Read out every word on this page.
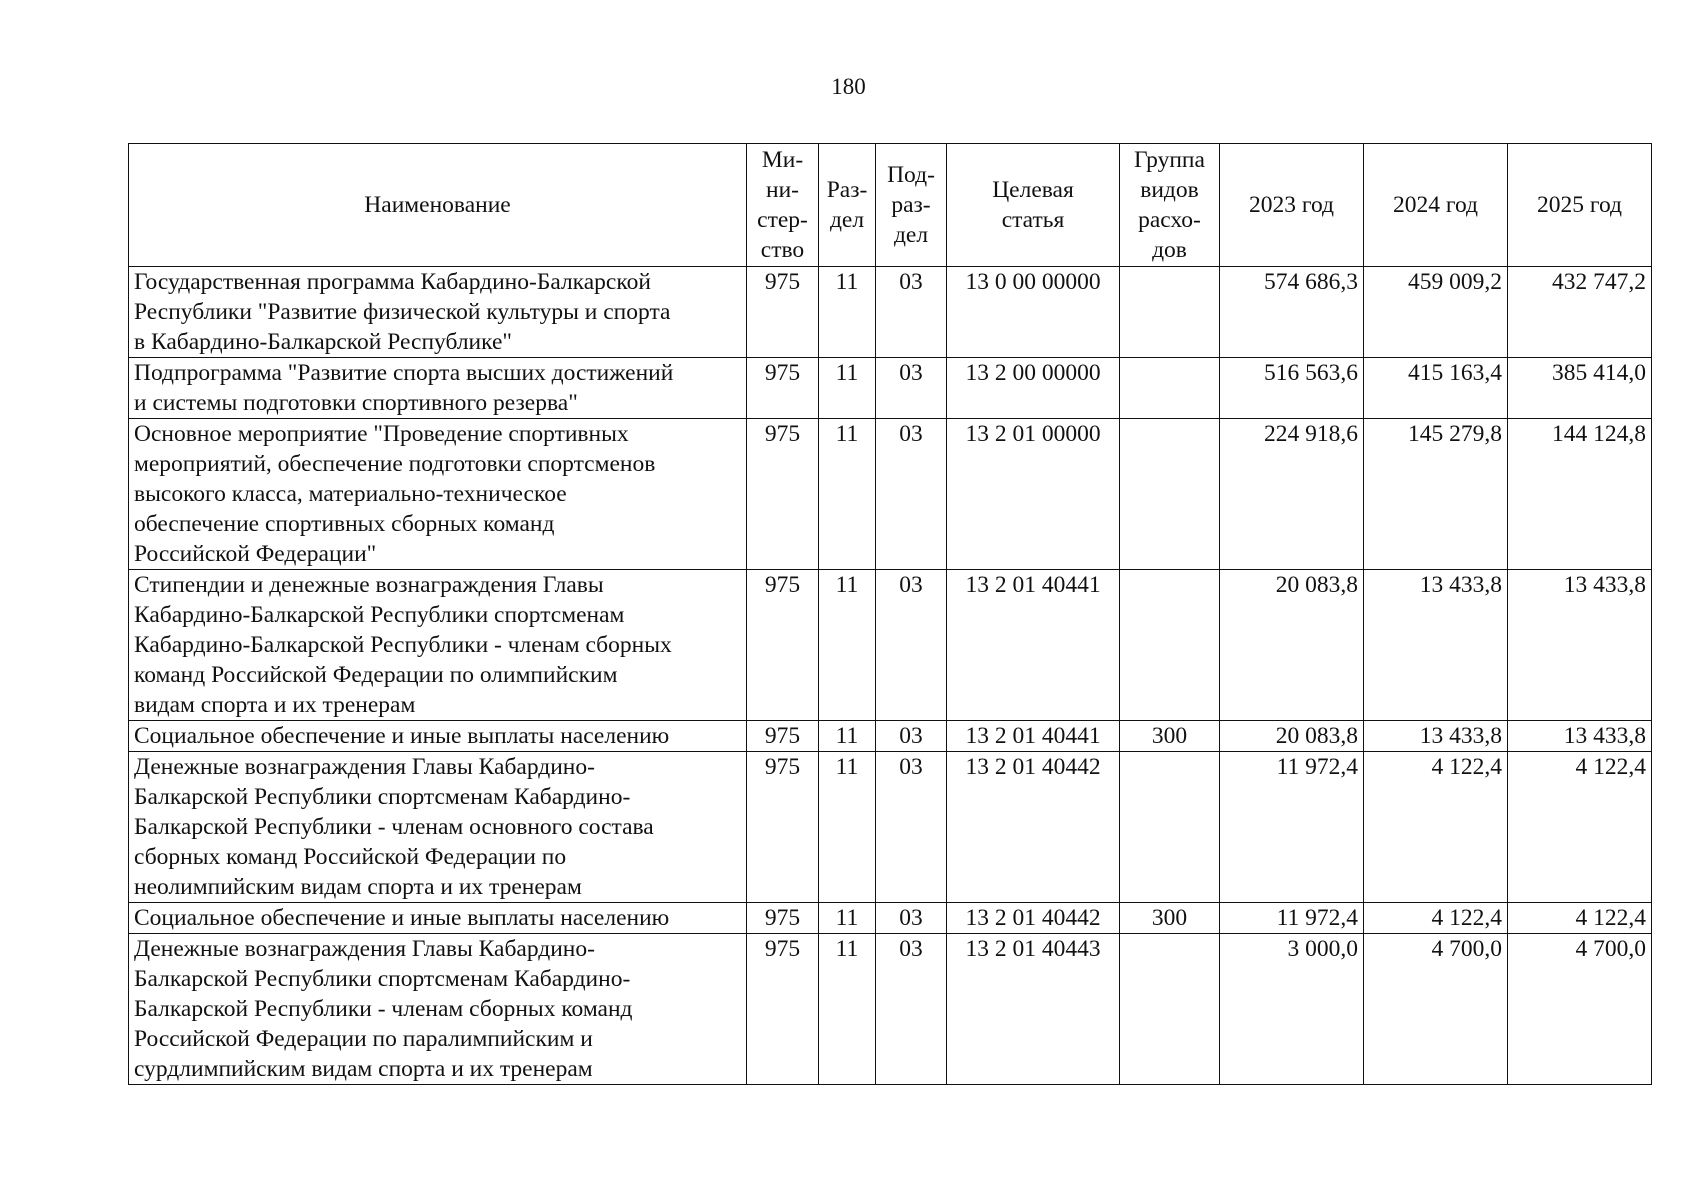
180
Наименование	Ми-
ни-
стер-
ство	Раз-
дел	Под-
раз-
дел	Целевая
статья	Группа
видов
расхо-
дов	2023 год	2024 год	2025 год
Государственная программа Кабардино-Балкарской
Республики "Развитие физической культуры и спорта
в Кабардино-Балкарской Республике"	975	11	03	13 0 00 00000		574 686,3	459 009,2	432 747,2
Подпрограмма "Развитие спорта высших достижений
и системы подготовки спортивного резерва"	975	11	03	13 2 00 00000		516 563,6	415 163,4	385 414,0
Основное мероприятие "Проведение спортивных
мероприятий, обеспечение подготовки спортсменов
высокого класса, материально-техническое
обеспечение спортивных сборных команд
Российской Федерации"	975	11	03	13 2 01 00000		224 918,6	145 279,8	144 124,8
Стипендии и денежные вознаграждения Главы
Кабардино-Балкарской Республики спортсменам
Кабардино-Балкарской Республики - членам сборных
команд Российской Федерации по олимпийским
видам спорта и их тренерам	975	11	03	13 2 01 40441		20 083,8	13 433,8	13 433,8
Социальное обеспечение и иные выплаты населению	975	11	03	13 2 01 40441	300	20 083,8	13 433,8	13 433,8
Денежные вознаграждения Главы Кабардино-
Балкарской Республики спортсменам Кабардино-
Балкарской Республики - членам основного состава
сборных команд Российской Федерации по
неолимпийским видам спорта и их тренерам	975	11	03	13 2 01 40442		11 972,4	4 122,4	4 122,4
Социальное обеспечение и иные выплаты населению	975	11	03	13 2 01 40442	300	11 972,4	4 122,4	4 122,4
Денежные вознаграждения Главы Кабардино-
Балкарской Республики спортсменам Кабардино-
Балкарской Республики - членам сборных команд
Российской Федерации по паралимпийским и
сурдлимпийским видам спорта и их тренерам	975	11	03	13 2 01 40443		3 000,0	4 700,0	4 700,0
